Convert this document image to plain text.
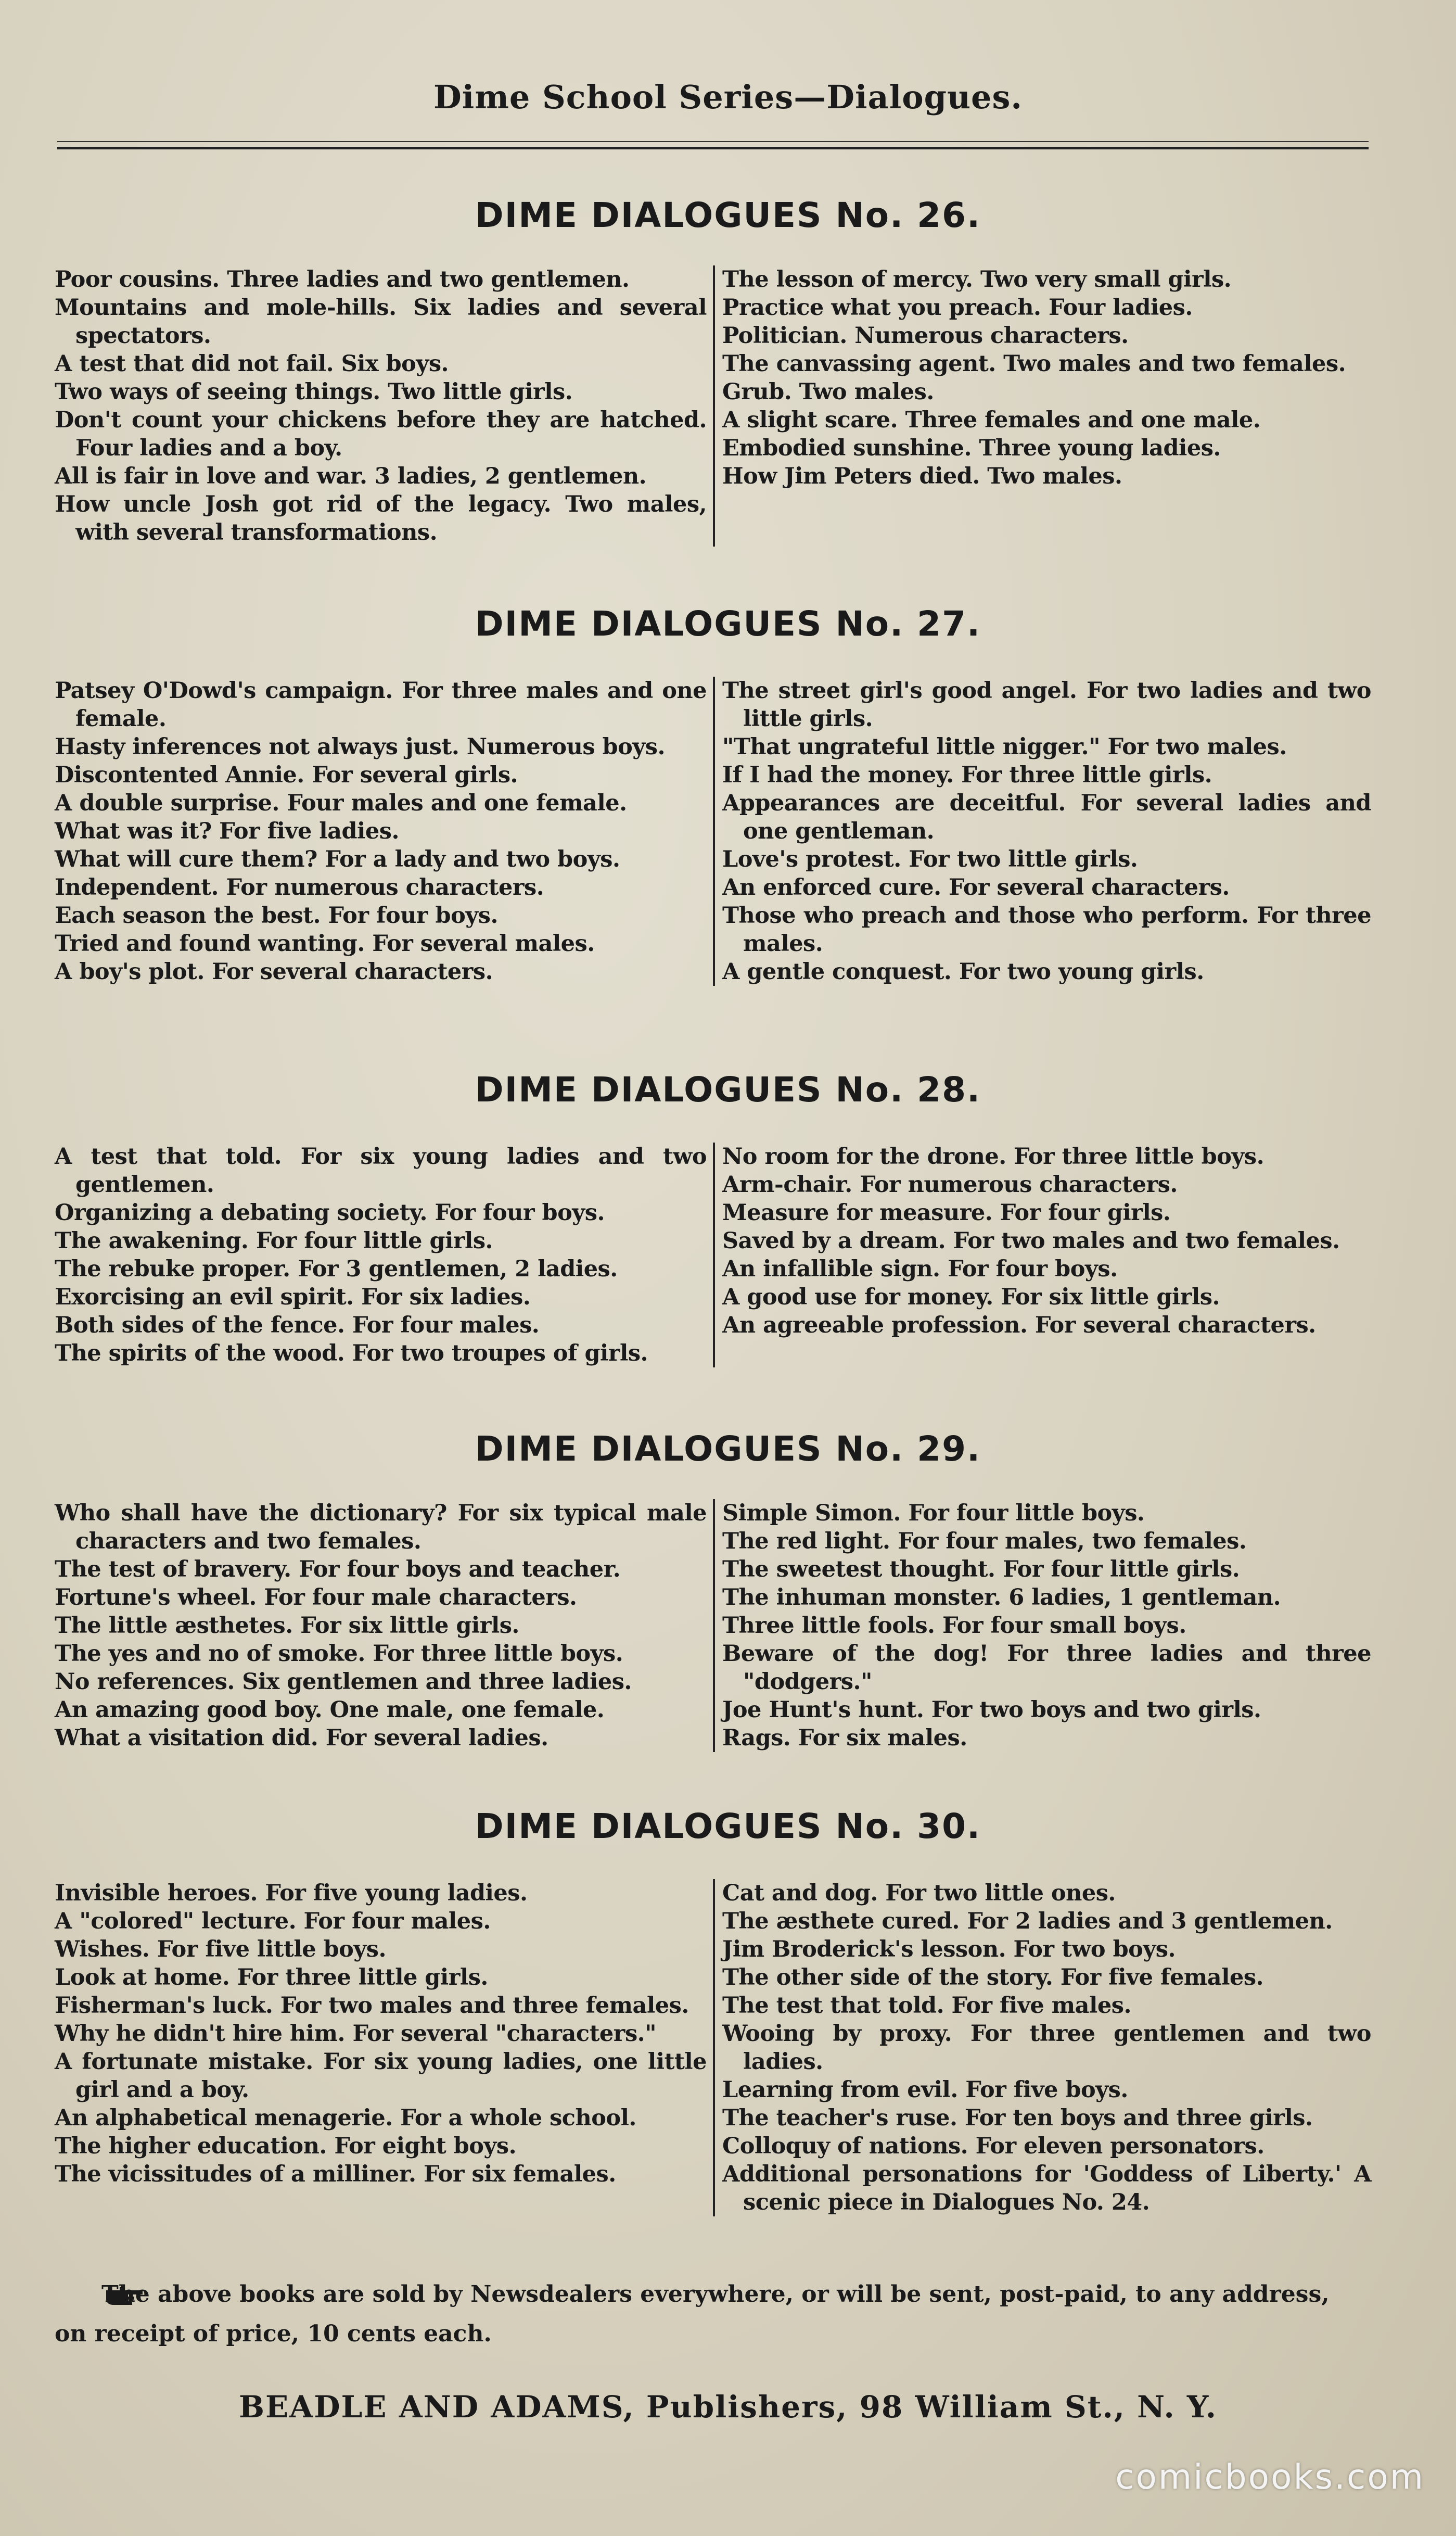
Dime School Series—Dialogues.
DIME DIALOGUES No. 26.
Poor cousins. Three ladies and two gentlemen.
Mountains and mole-hills. Six ladies and several spectators.
A test that did not fail. Six boys.
Two ways of seeing things. Two little girls.
Don't count your chickens before they are hatched. Four ladies and a boy.
All is fair in love and war. 3 ladies, 2 gentlemen.
How uncle Josh got rid of the legacy. Two males, with several transformations.
The lesson of mercy. Two very small girls.
Practice what you preach. Four ladies.
Politician. Numerous characters.
The canvassing agent. Two males and two females.
Grub. Two males.
A slight scare. Three females and one male.
Embodied sunshine. Three young ladies.
How Jim Peters died. Two males.
DIME DIALOGUES No. 27.
Patsey O'Dowd's campaign. For three males and one female.
Hasty inferences not always just. Numerous boys.
Discontented Annie. For several girls.
A double surprise. Four males and one female.
What was it? For five ladies.
What will cure them? For a lady and two boys.
Independent. For numerous characters.
Each season the best. For four boys.
Tried and found wanting. For several males.
A boy's plot. For several characters.
The street girl's good angel. For two ladies and two little girls.
"That ungrateful little nigger." For two males.
If I had the money. For three little girls.
Appearances are deceitful. For several ladies and one gentleman.
Love's protest. For two little girls.
An enforced cure. For several characters.
Those who preach and those who perform. For three males.
A gentle conquest. For two young girls.
DIME DIALOGUES No. 28.
A test that told. For six young ladies and two gentlemen.
Organizing a debating society. For four boys.
The awakening. For four little girls.
The rebuke proper. For 3 gentlemen, 2 ladies.
Exorcising an evil spirit. For six ladies.
Both sides of the fence. For four males.
The spirits of the wood. For two troupes of girls.
No room for the drone. For three little boys.
Arm-chair. For numerous characters.
Measure for measure. For four girls.
Saved by a dream. For two males and two females.
An infallible sign. For four boys.
A good use for money. For six little girls.
An agreeable profession. For several characters.
DIME DIALOGUES No. 29.
Who shall have the dictionary? For six typical male characters and two females.
The test of bravery. For four boys and teacher.
Fortune's wheel. For four male characters.
The little æsthetes. For six little girls.
The yes and no of smoke. For three little boys.
No references. Six gentlemen and three ladies.
An amazing good boy. One male, one female.
What a visitation did. For several ladies.
Simple Simon. For four little boys.
The red light. For four males, two females.
The sweetest thought. For four little girls.
The inhuman monster. 6 ladies, 1 gentleman.
Three little fools. For four small boys.
Beware of the dog! For three ladies and three "dodgers."
Joe Hunt's hunt. For two boys and two girls.
Rags. For six males.
DIME DIALOGUES No. 30.
Invisible heroes. For five young ladies.
A "colored" lecture. For four males.
Wishes. For five little boys.
Look at home. For three little girls.
Fisherman's luck. For two males and three females.
Why he didn't hire him. For several "characters."
A fortunate mistake. For six young ladies, one little girl and a boy.
An alphabetical menagerie. For a whole school.
The higher education. For eight boys.
The vicissitudes of a milliner. For six females.
Cat and dog. For two little ones.
The æsthete cured. For 2 ladies and 3 gentlemen.
Jim Broderick's lesson. For two boys.
The other side of the story. For five females.
The test that told. For five males.
Wooing by proxy. For three gentlemen and two ladies.
Learning from evil. For five boys.
The teacher's ruse. For ten boys and three girls.
Colloquy of nations. For eleven personators.
Additional personations for 'Goddess of Liberty.' A scenic piece in Dialogues No. 24.
The above books are sold by Newsdealers everywhere, or will be sent, post-paid, to any address, on receipt of price, 10 cents each.
BEADLE AND ADAMS, Publishers, 98 William St., N. Y.
comicbooks.com
